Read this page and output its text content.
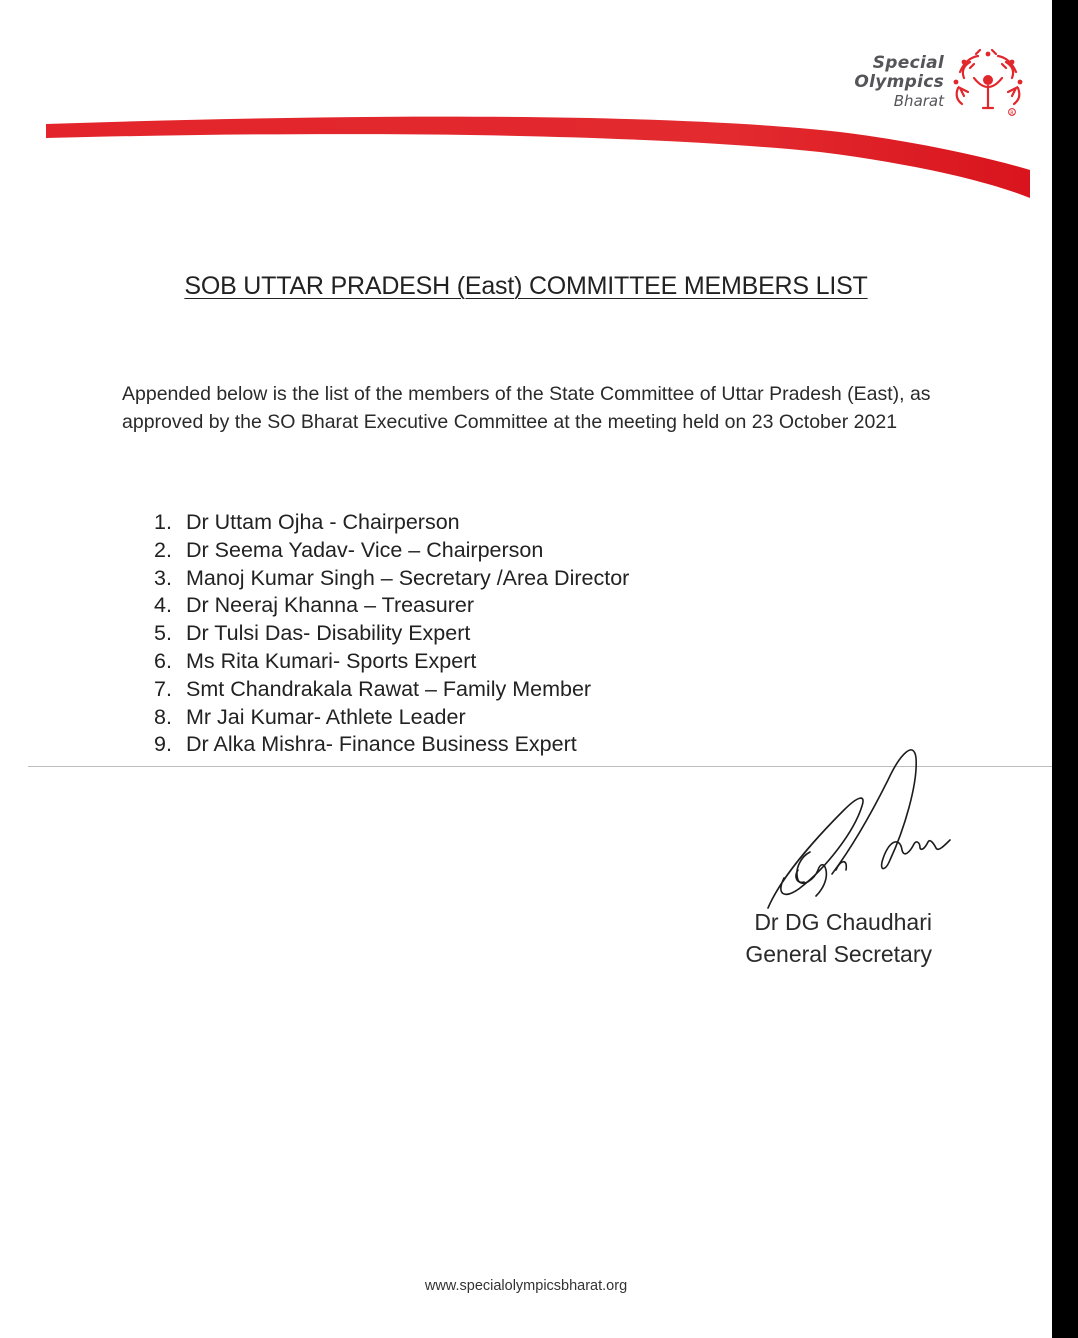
Special
Olympics
Bharat
R
SOB UTTAR PRADESH (East) COMMITTEE MEMBERS LIST

Appended below is the list of the members of the State Committee of Uttar Pradesh (East), as approved by the SO Bharat Executive Committee at the meeting held on 23 October 2021

1. Dr Uttam Ojha - Chairperson
2. Dr Seema Yadav- Vice – Chairperson
3. Manoj Kumar Singh – Secretary /Area Director
4. Dr Neeraj Khanna – Treasurer
5. Dr Tulsi Das- Disability Expert
6. Ms Rita Kumari- Sports Expert
7. Smt Chandrakala Rawat – Family Member
8. Mr Jai Kumar- Athlete Leader
9. Dr Alka Mishra- Finance Business Expert
Dr DG Chaudhari
General Secretary
www.specialolympicsbharat.org
